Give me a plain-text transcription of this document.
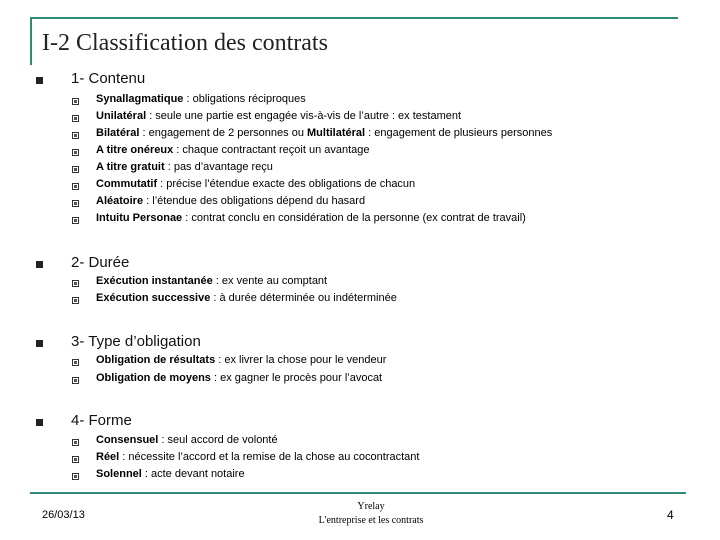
I-2 Classification des contrats
1- Contenu
Synallagmatique : obligations réciproques
Unilatéral : seule une partie est engagée vis-à-vis de l’autre : ex testament
Bilatéral : engagement de 2 personnes ou Multilatéral : engagement de plusieurs personnes
A titre onéreux : chaque contractant reçoit un avantage
A titre gratuit : pas d’avantage reçu
Commutatif : précise l’étendue exacte des obligations de chacun
Aléatoire : l’étendue des obligations dépend du hasard
Intuitu Personae : contrat conclu en considération de la personne (ex contrat de travail)
2- Durée
Exécution instantanée : ex vente au comptant
Exécution successive : à durée déterminée ou indéterminée
3- Type d’obligation
Obligation de résultats : ex livrer la chose pour le vendeur
Obligation de moyens : ex gagner le procès pour l’avocat
4- Forme
Consensuel : seul accord de volonté
Réel : nécessite l’accord et la remise de la chose au cocontractant
Solennel : acte devant notaire
26/03/13
Yrelay
L'entreprise et les contrats	4
